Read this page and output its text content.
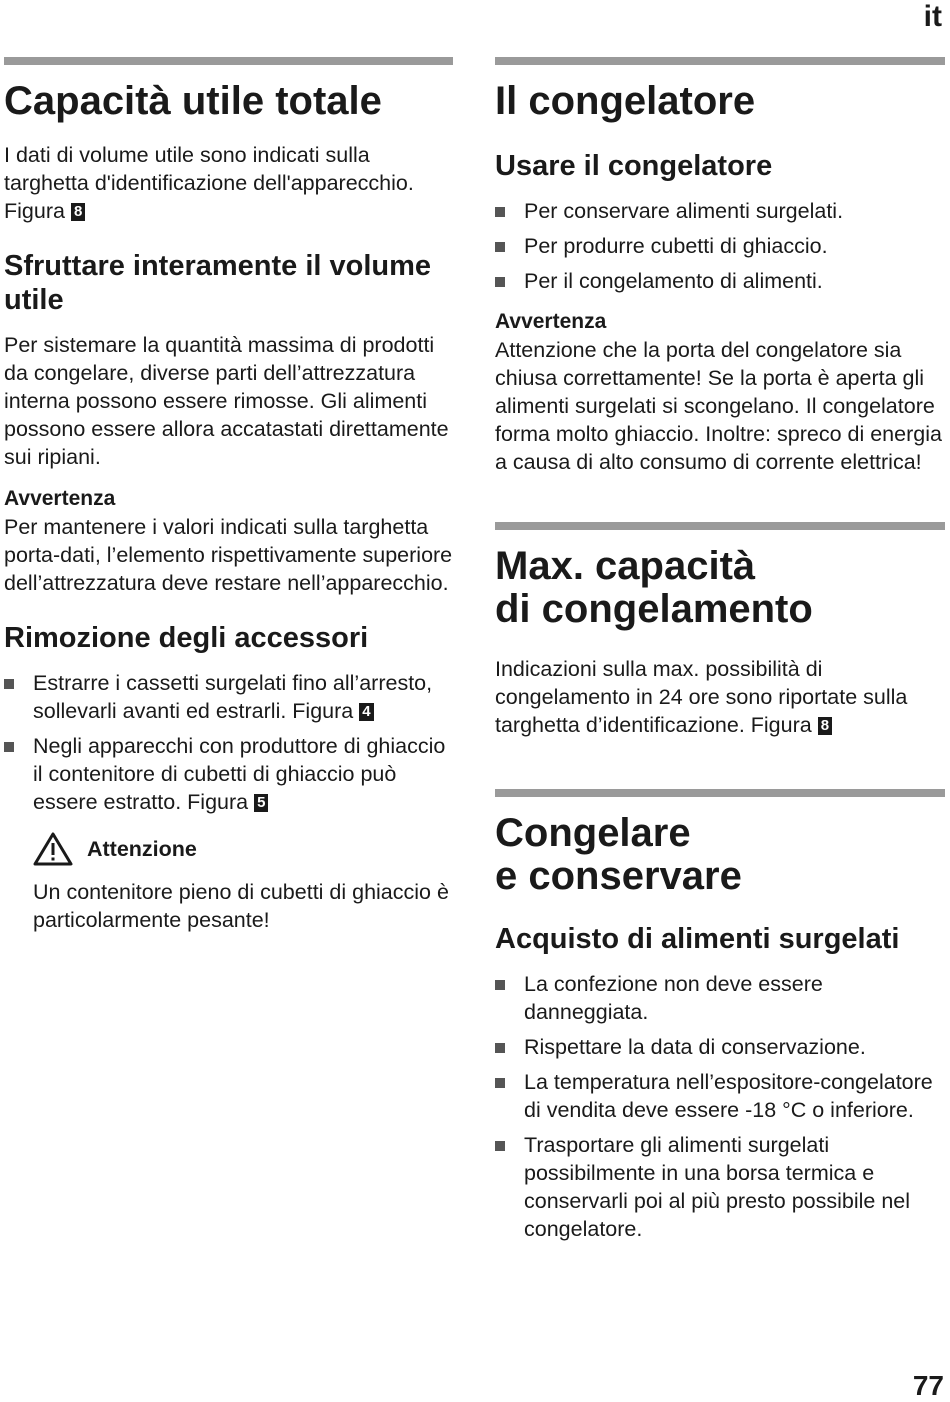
it
Capacità utile totale

I dati di volume utile sono indicati sulla targhetta d'identificazione dell'apparecchio. Figura 8

Sfruttare interamente il volume utile

Per sistemare la quantità massima di prodotti da congelare, diverse parti dell’attrezzatura interna possono essere rimosse. Gli alimenti possono essere allora accatastati direttamente sui ripiani.

Avvertenza

Per mantenere i valori indicati sulla targhetta porta-dati, l’elemento rispettivamente superiore dell’attrezzatura deve restare nell’apparecchio.

Rimozione degli accessori
Estrarre i cassetti surgelati fino all’arresto, sollevarli avanti ed estrarli. Figura 4
Negli apparecchi con produttore di ghiaccio il contenitore di cubetti di ghiaccio può essere estratto. Figura 5
Attenzione

Un contenitore pieno di cubetti di ghiaccio è particolarmente pesante!

Il congelatore
Usare il congelatore
Per conservare alimenti surgelati.
Per produrre cubetti di ghiaccio.
Per il congelamento di alimenti.
Avvertenza

Attenzione che la porta del congelatore sia chiusa correttamente! Se la porta è aperta gli alimenti surgelati si scongelano. Il congelatore forma molto ghiaccio. Inoltre: spreco di energia a causa di alto consumo di corrente elettrica!

Max. capacità
di congelamento

Indicazioni sulla max. possibilità di congelamento in 24 ore sono riportate sulla targhetta d’identificazione. Figura 8

Congelare
e conservare
Acquisto di alimenti surgelati
La confezione non deve essere danneggiata.
Rispettare la data di conservazione.
La temperatura nell’espositore-congelatore di vendita deve essere -18 °C o inferiore.
Trasportare gli alimenti surgelati possibilmente in una borsa termica e conservarli poi al più presto possibile nel congelatore.
77
